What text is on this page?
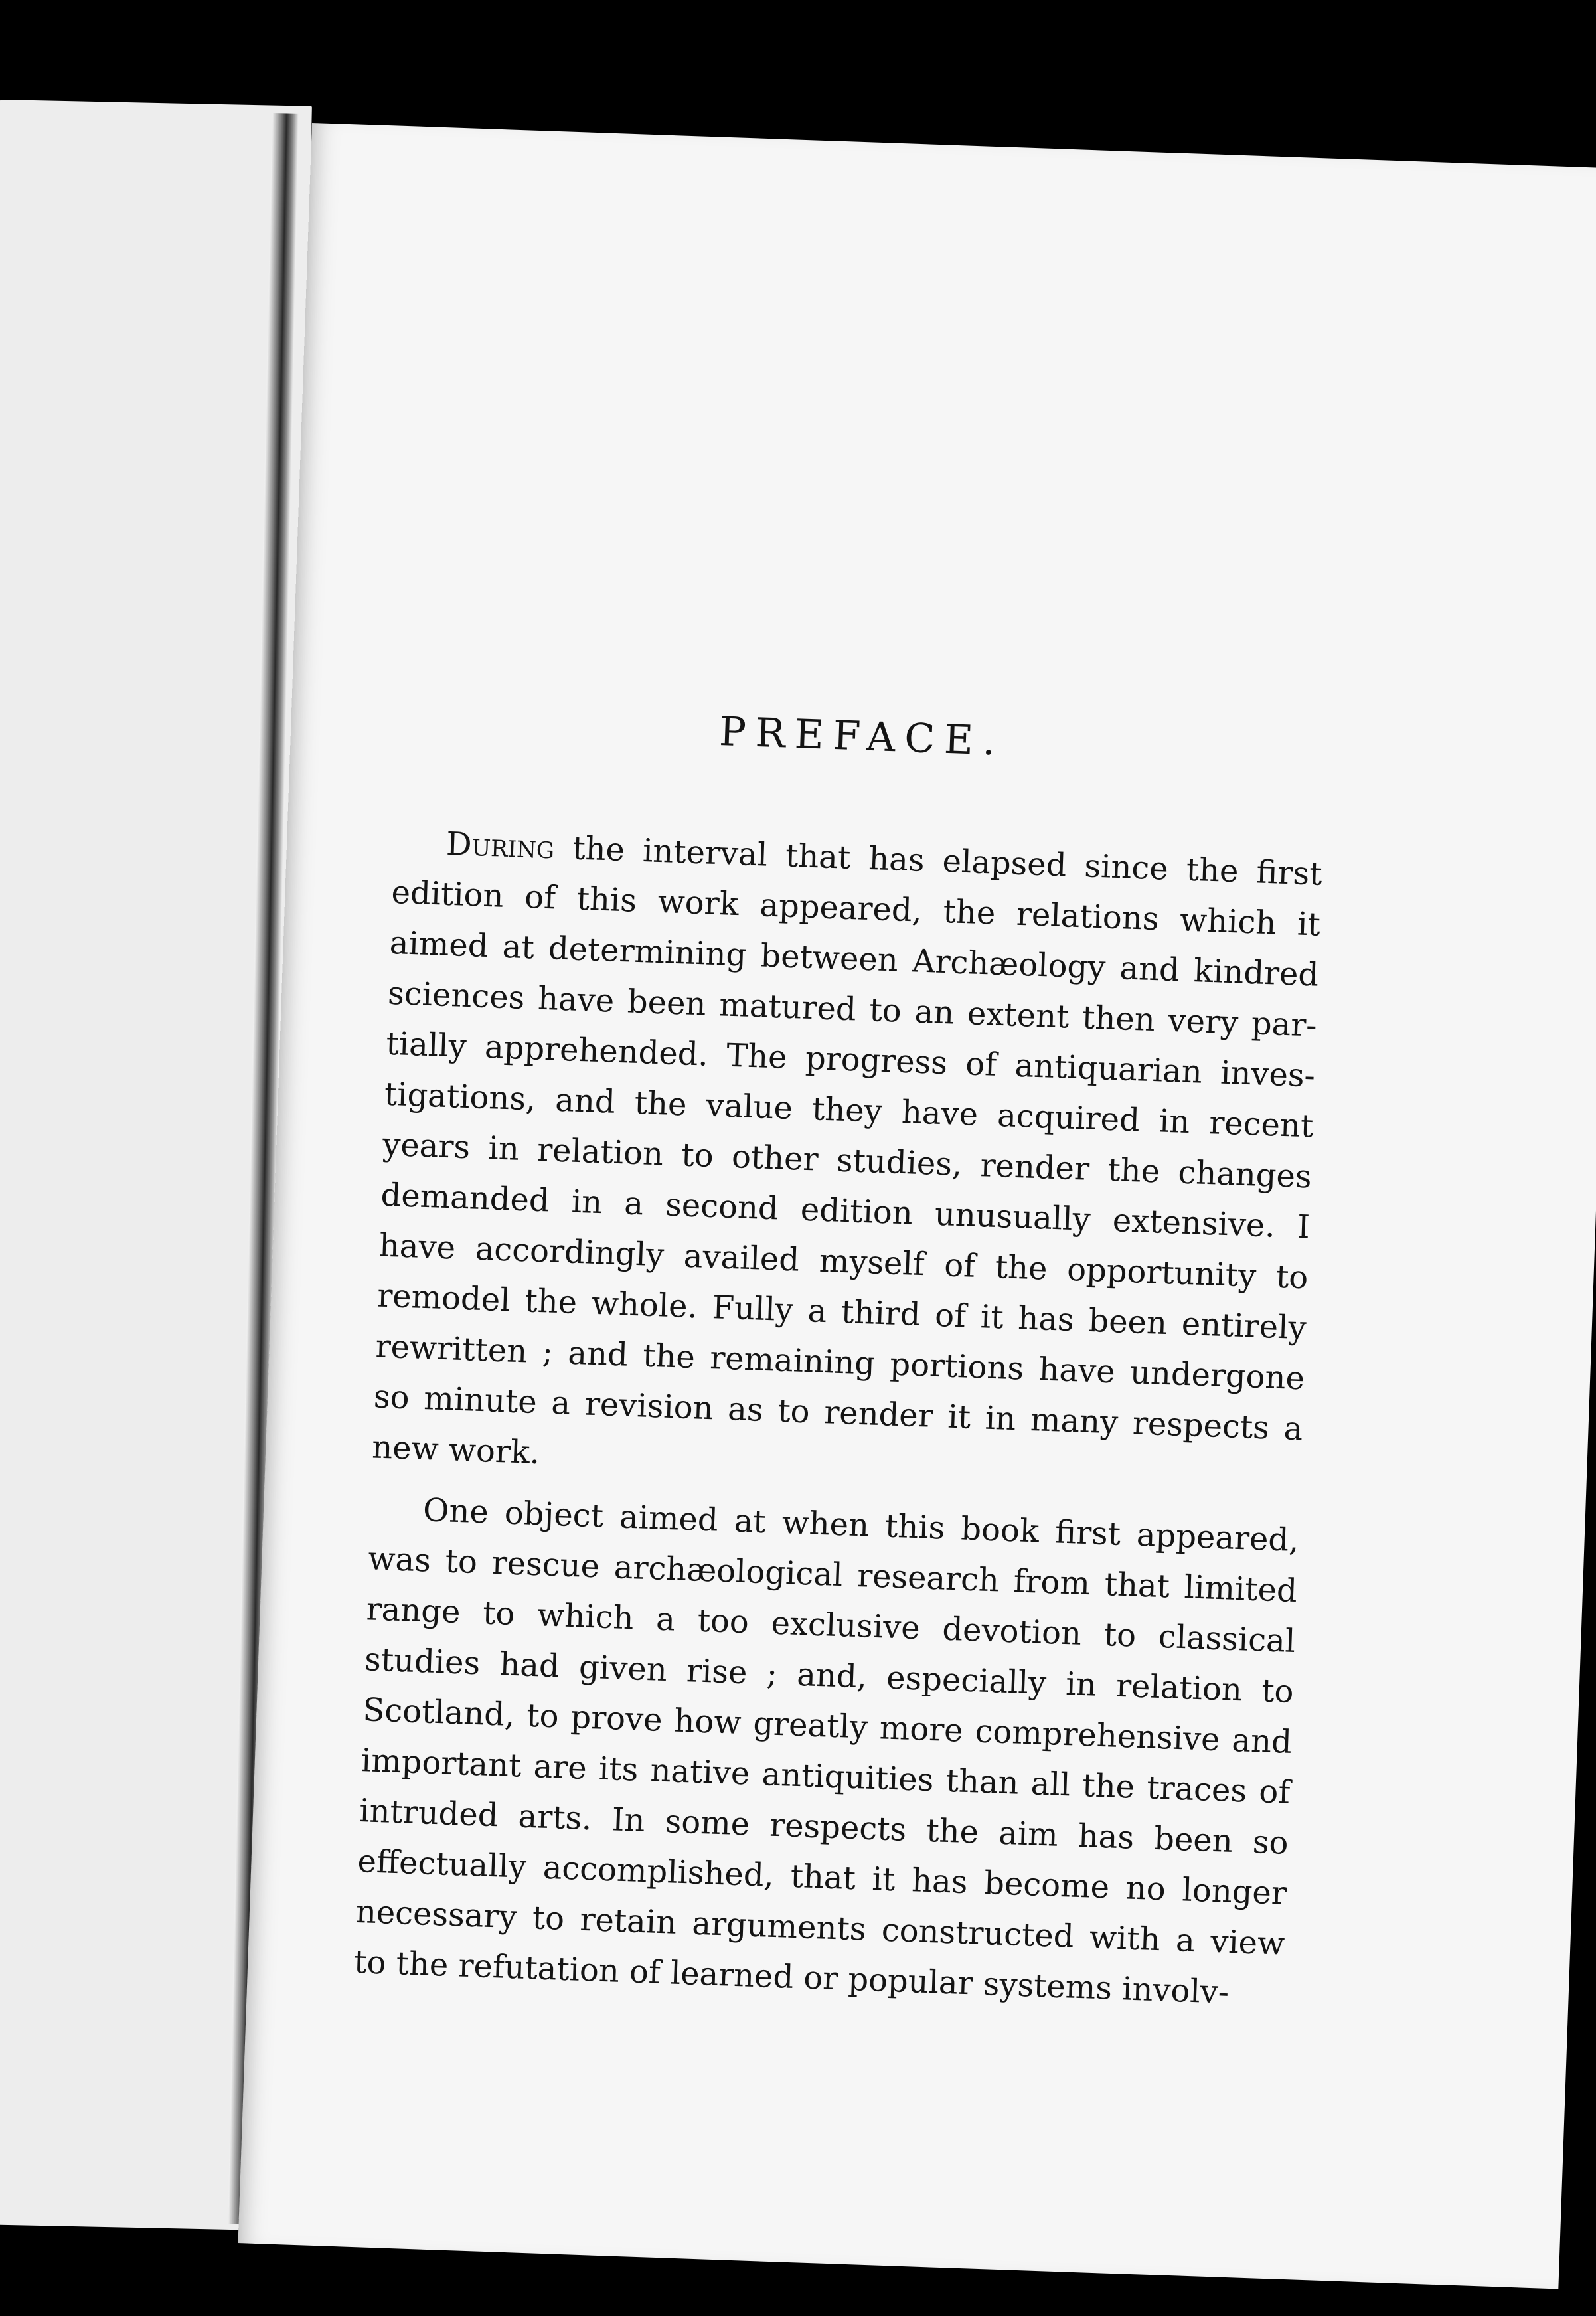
PREFACE.

During the interval that has elapsed since the first edition of this work appeared, the relations which it aimed at determining between Archæology and kindred sciences have been matured to an extent then very par-tially apprehended. The progress of antiquarian inves-tigations, and the value they have acquired in recent years in relation to other studies, render the changes demanded in a second edition unusually extensive. I have accordingly availed myself of the opportunity to remodel the whole. Fully a third of it has been entirely rewritten ; and the remaining portions have undergone so minute a revision as to render it in many respects a new work.

One object aimed at when this book first appeared, was to rescue archæological research from that limited range to which a too exclusive devotion to classical studies had given rise ; and, especially in relation to Scotland, to prove how greatly more comprehensive and important are its native antiquities than all the traces of intruded arts. In some respects the aim has been so effectually accomplished, that it has become no longer necessary to retain arguments constructed with a view to the refutation of learned or popular systems involv-
